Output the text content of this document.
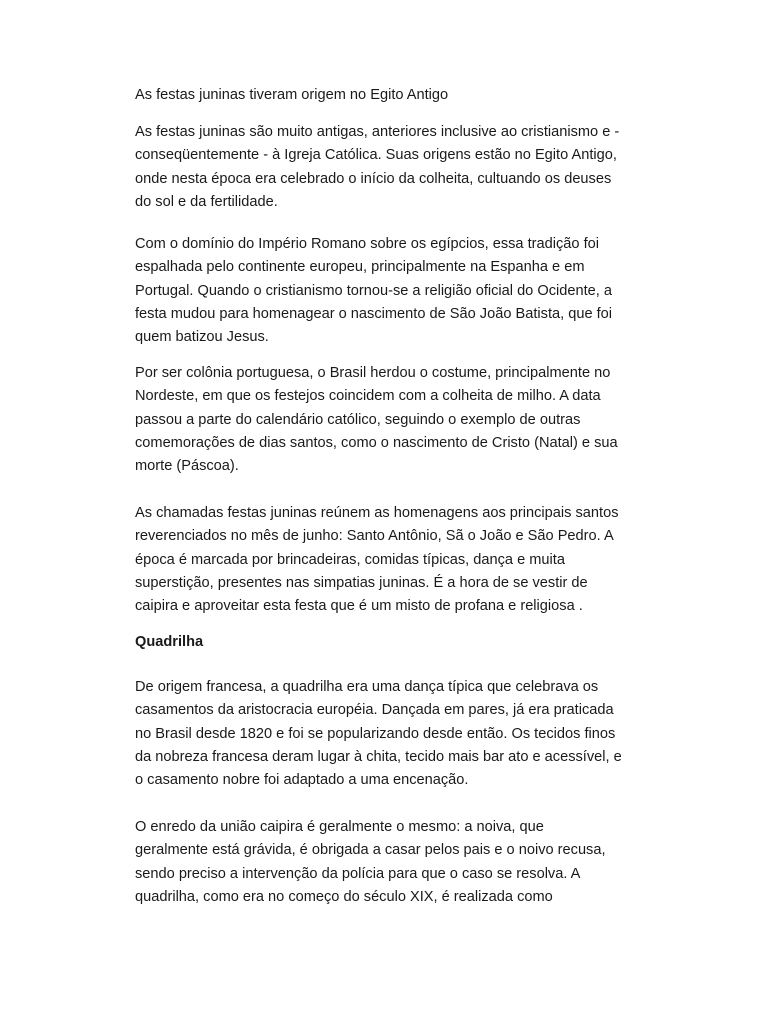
As festas juninas tiveram origem no Egito Antigo
As festas juninas são muito antigas, anteriores inclusive ao cristianismo e -
conseqüentemente - à Igreja Católica. Suas origens estão no Egito Antigo,
onde nesta época era celebrado o início da colheita, cultuando os deuses
do sol e da fertilidade.
Com o domínio do Império Romano sobre os egípcios, essa tradição foi
espalhada pelo continente europeu, principalmente na Espanha e em
Portugal. Quando o cristianismo tornou-se a religião oficial do Ocidente, a
festa mudou para homenagear o nascimento de São João Batista, que foi
quem batizou Jesus.
Por ser colônia portuguesa, o Brasil herdou o costume, principalmente no
Nordeste, em que os festejos coincidem com a colheita de milho. A data
passou a parte do calendário católico, seguindo o exemplo de outras
comemorações de dias santos, como o nascimento de Cristo (Natal) e sua
morte (Páscoa).
As chamadas festas juninas reúnem as homenagens aos principais santos
reverenciados no mês de junho: Santo Antônio, Sã o João e São Pedro. A
época é marcada por brincadeiras, comidas típicas, dança e muita
superstição, presentes nas simpatias juninas. É a hora de se vestir de
caipira e aproveitar esta festa que é um misto de profana e religiosa .
Quadrilha
De origem francesa, a quadrilha era uma dança típica que celebrava os
casamentos da aristocracia européia. Dançada em pares, já era praticada
no Brasil desde 1820 e foi se popularizando desde então. Os tecidos finos
da nobreza francesa deram lugar à chita, tecido mais bar ato e acessível, e
o casamento nobre foi adaptado a uma encenação.
O enredo da união caipira é geralmente o mesmo: a noiva, que
geralmente está grávida, é obrigada a casar pelos pais e o noivo recusa,
sendo preciso a intervenção da polícia para que o caso se resolva. A
quadrilha, como era no começo do século XIX, é realizada como
